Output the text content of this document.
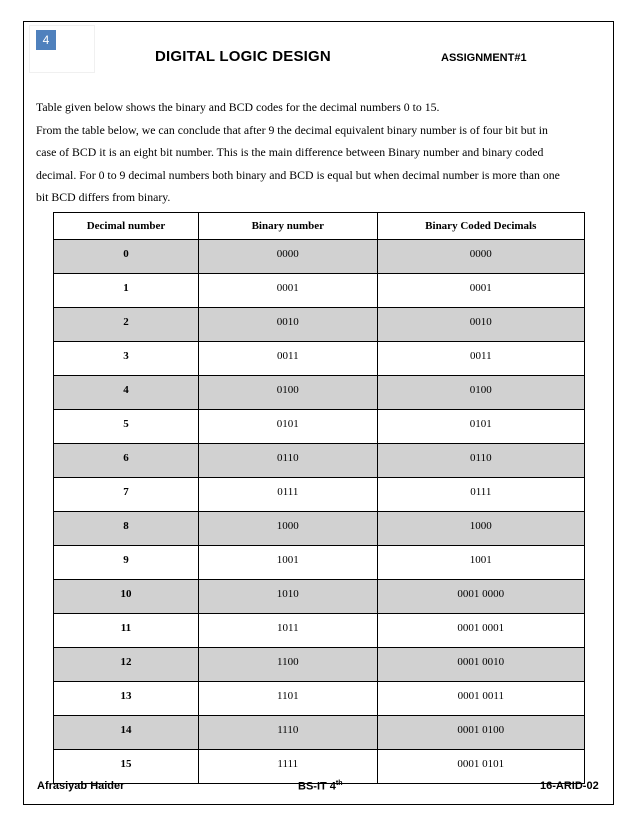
4
DIGITAL LOGIC DESIGN	ASSIGNMENT#1

Table given below shows the binary and BCD codes for the decimal numbers 0 to 15.

From the table below, we can conclude that after 9 the decimal equivalent binary number is of four bit but in

case of BCD it is an eight bit number. This is the main difference between Binary number and binary coded

decimal. For 0 to 9 decimal numbers both binary and BCD is equal but when decimal number is more than one

bit BCD differs from binary.

Decimal number	Binary number	Binary Coded Decimals
0	0000	0000
1	0001	0001
2	0010	0010
3	0011	0011
4	0100	0100
5	0101	0101
6	0110	0110
7	0111	0111
8	1000	1000
9	1001	1001
10	1010	0001 0000
11	1011	0001 0001
12	1100	0001 0010
13	1101	0001 0011
14	1110	0001 0100
15	1111	0001 0101
Afrasiyab Haider	BS-IT 4th	16-ARID-02
